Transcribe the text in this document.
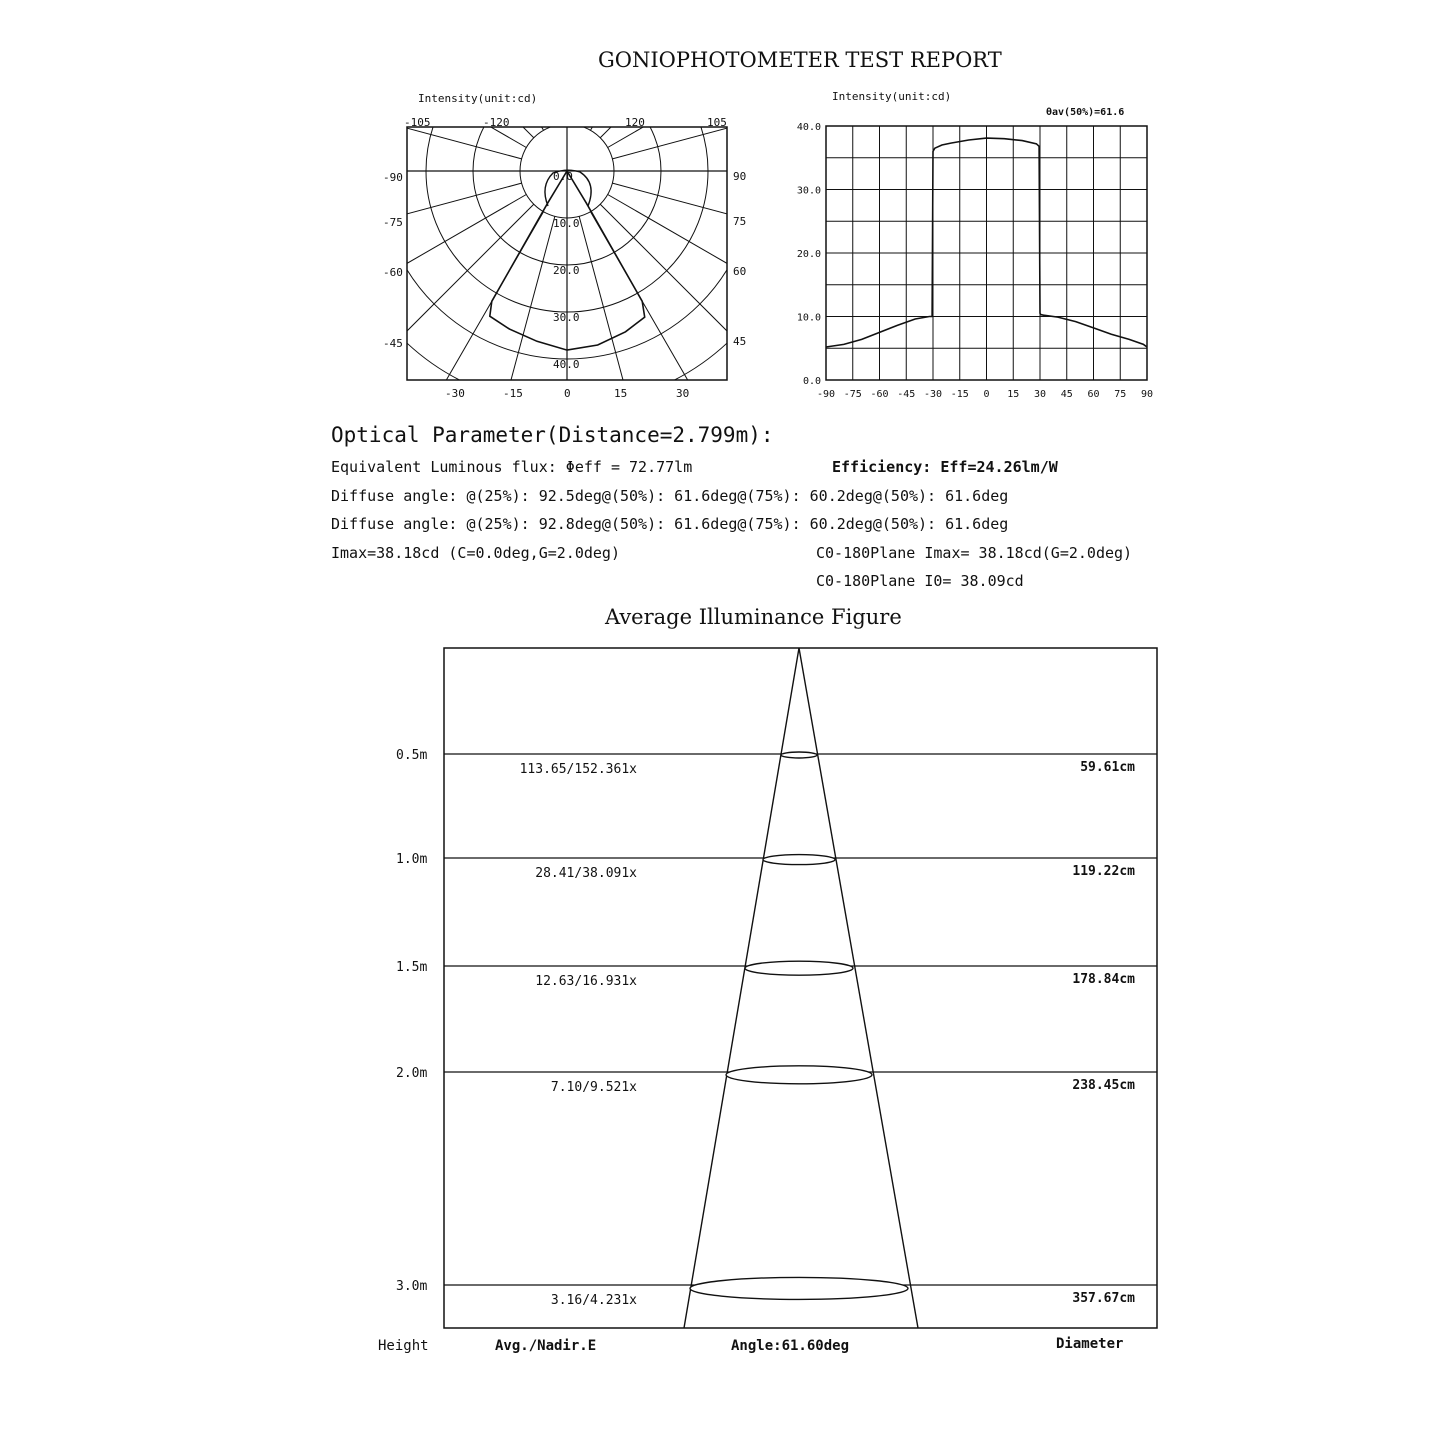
GONIOPHOTOMETER TEST REPORT
Intensity(unit:cd)
-105	-120	120	105
-90
-75
-60
-45
90
75
60
45
-30	-15	0	15	30
0.0
10.0
20.0
30.0
40.0
Intensity(unit:cd)
θav(50%)=61.6
-90 -75 -60 -45 -30 -15 0 15 30 45 60 75 90
0.0
10.0
20.0
30.0
40.0
Optical Parameter(Distance=2.799m):
Equivalent Luminous flux: Φeff = 72.77lm	Efficiency: Eff=24.26lm/W
Diffuse angle: @(25%): 92.5deg@(50%): 61.6deg@(75%): 60.2deg@(50%): 61.6deg
Diffuse angle: @(25%): 92.8deg@(50%): 61.6deg@(75%): 60.2deg@(50%): 61.6deg
Imax=38.18cd (C=0.0deg,G=2.0deg)	C0-180Plane Imax= 38.18cd(G=2.0deg)
C0-180Plane I0= 38.09cd
Average Illuminance Figure
0.5m
113.65/152.361x	59.61cm
1.0m
28.41/38.091x	119.22cm
1.5m
12.63/16.931x	178.84cm
2.0m
7.10/9.521x	238.45cm
3.0m
3.16/4.231x	357.67cm
Height	Avg./Nadir.E	Angle:61.60deg	Diameter
